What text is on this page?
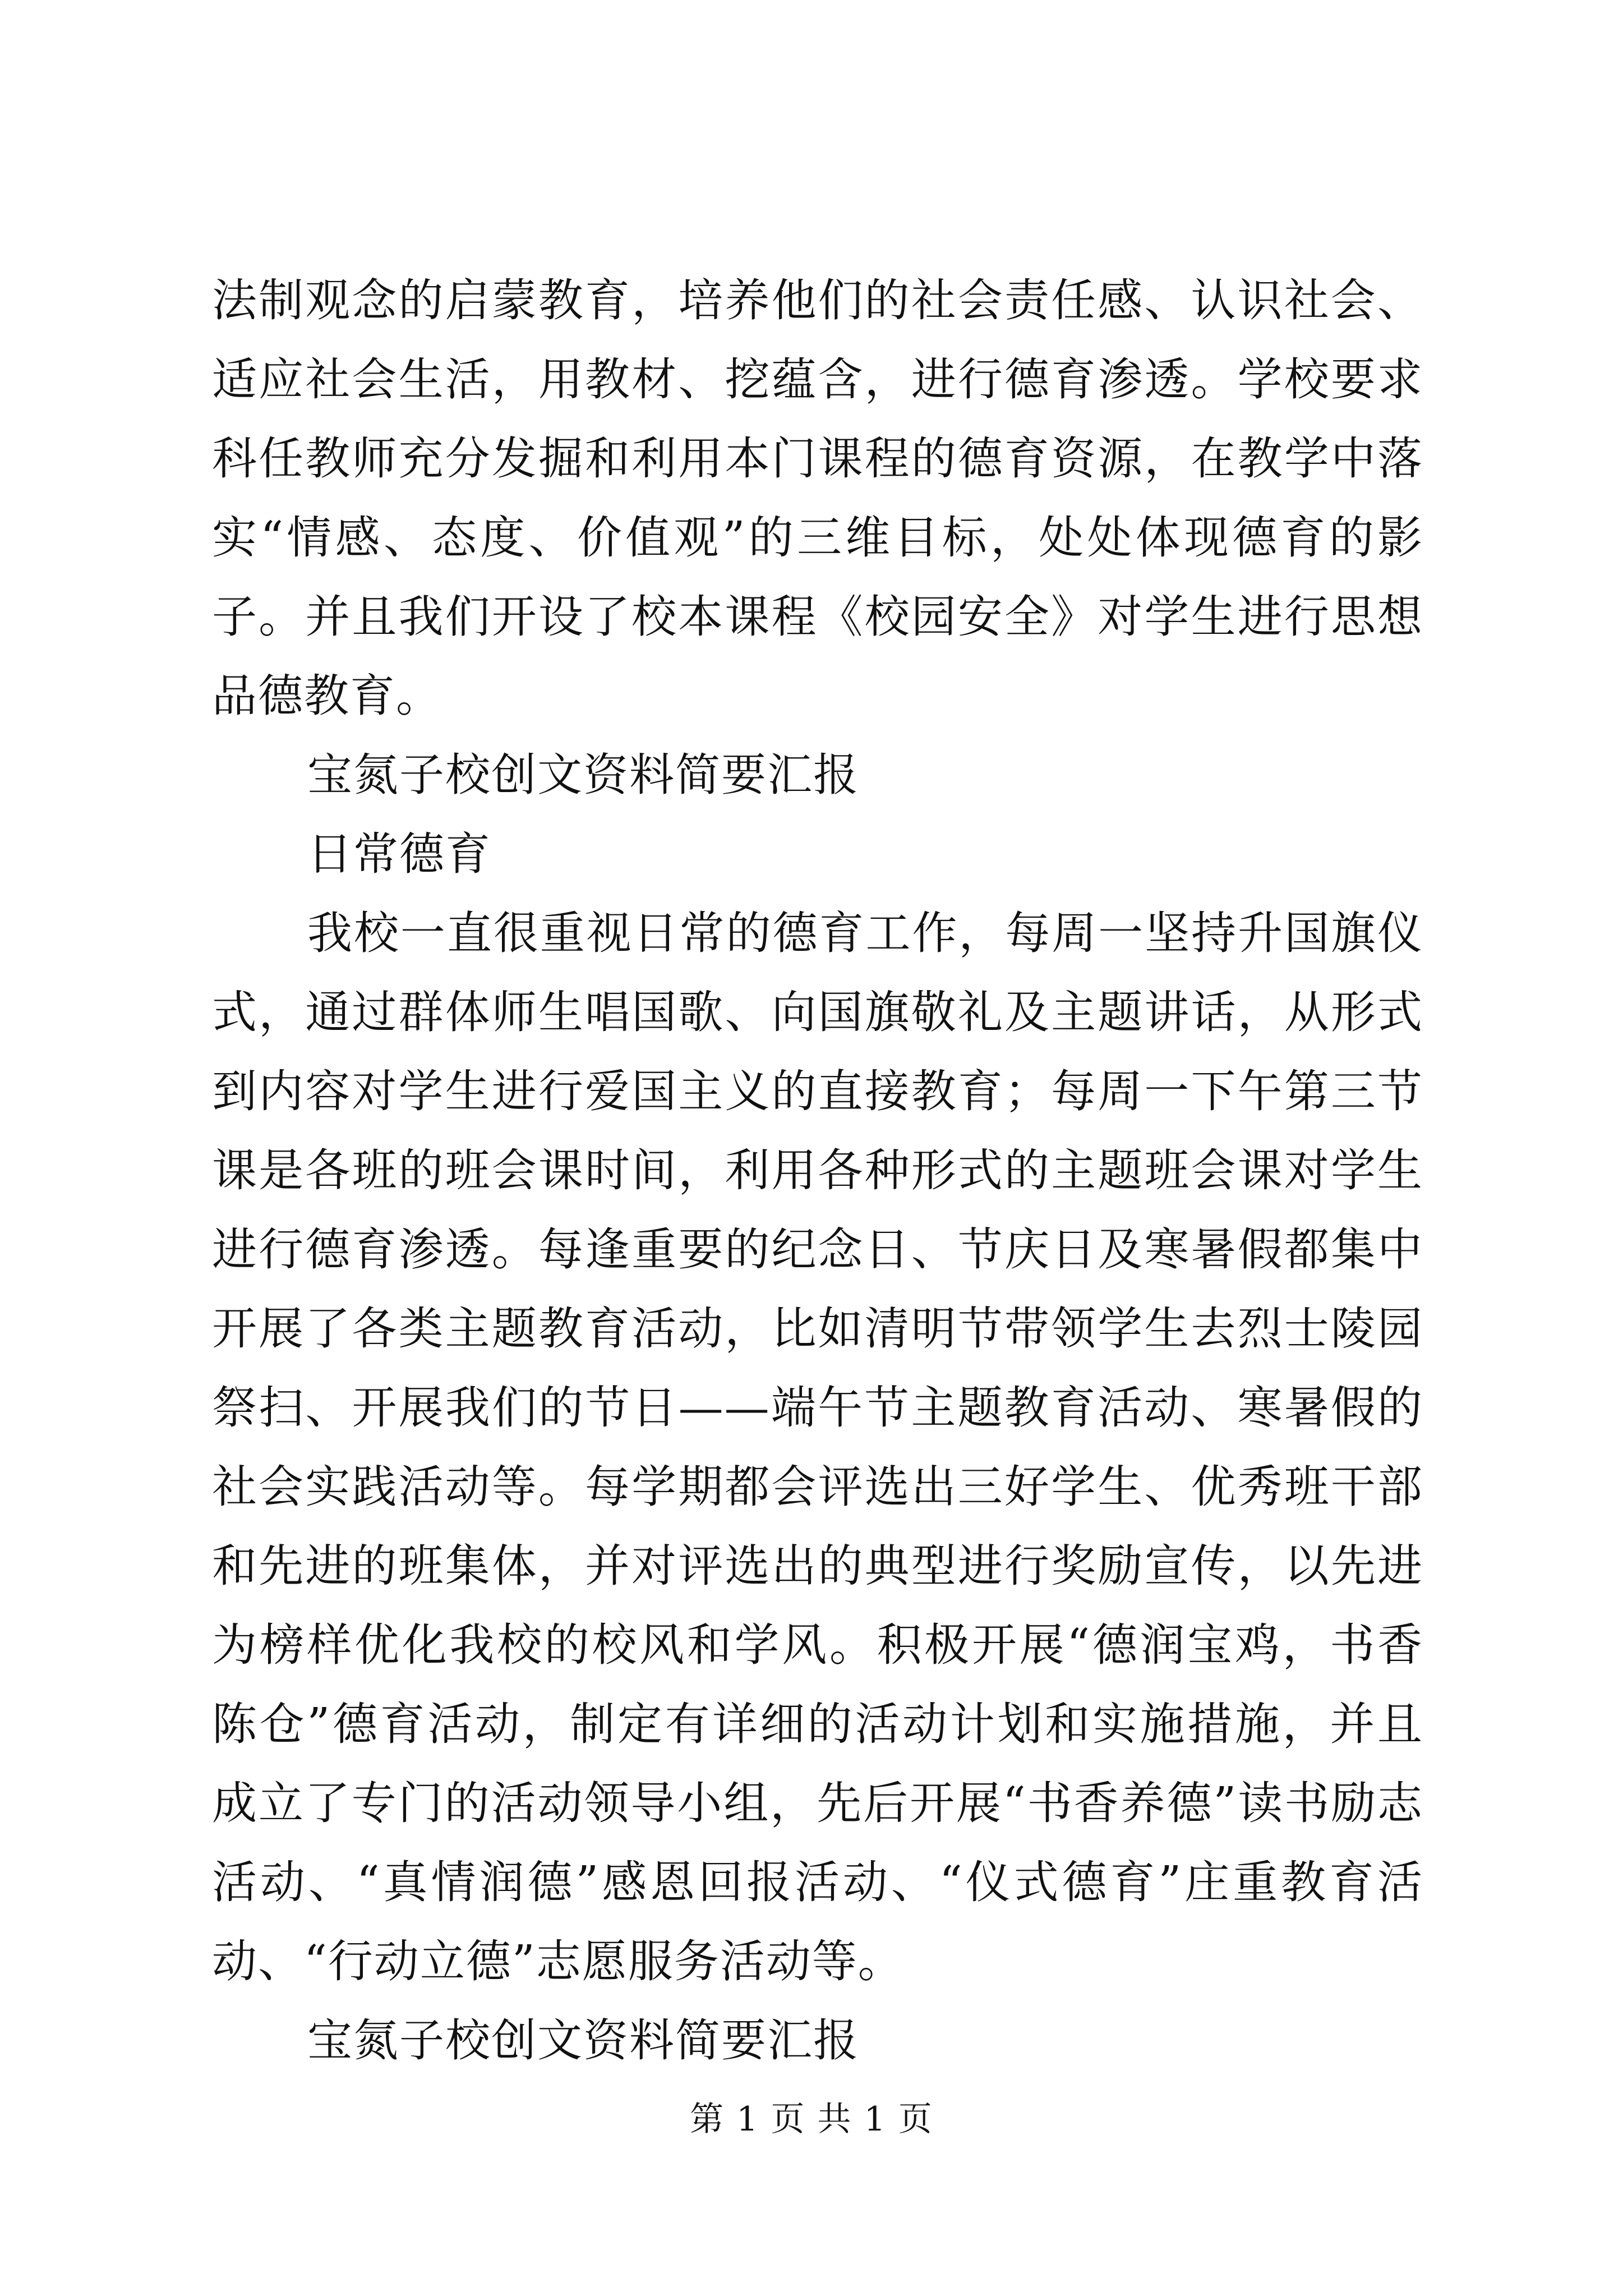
法制观念的启蒙教育，培养他们的社会责任感、认识社会、适应社会生活，用教材、挖蕴含，进行德育渗透。学校要求科任教师充分发掘和利用本门课程的德育资源，在教学中落实“情感、态度、价值观”的三维目标，处处体现德育的影子。并且我们开设了校本课程《校园安全》对学生进行思想品德教育。

宝氮子校创文资料简要汇报

日常德育

我校一直很重视日常的德育工作，每周一坚持升国旗仪式，通过群体师生唱国歌、向国旗敬礼及主题讲话，从形式到内容对学生进行爱国主义的直接教育；每周一下午第三节课是各班的班会课时间，利用各种形式的主题班会课对学生进行德育渗透。每逢重要的纪念日、节庆日及寒暑假都集中开展了各类主题教育活动，比如清明节带领学生去烈士陵园祭扫、开展我们的节日——端午节主题教育活动、寒暑假的社会实践活动等。每学期都会评选出三好学生、优秀班干部和先进的班集体，并对评选出的典型进行奖励宣传，以先进为榜样优化我校的校风和学风。积极开展“德润宝鸡，书香陈仓”德育活动，制定有详细的活动计划和实施措施，并且成立了专门的活动领导小组，先后开展“书香养德”读书励志活动、“真情润德”感恩回报活动、“仪式德育”庄重教育活动、“行动立德”志愿服务活动等。

宝氮子校创文资料简要汇报

第 1 页 共 1 页
